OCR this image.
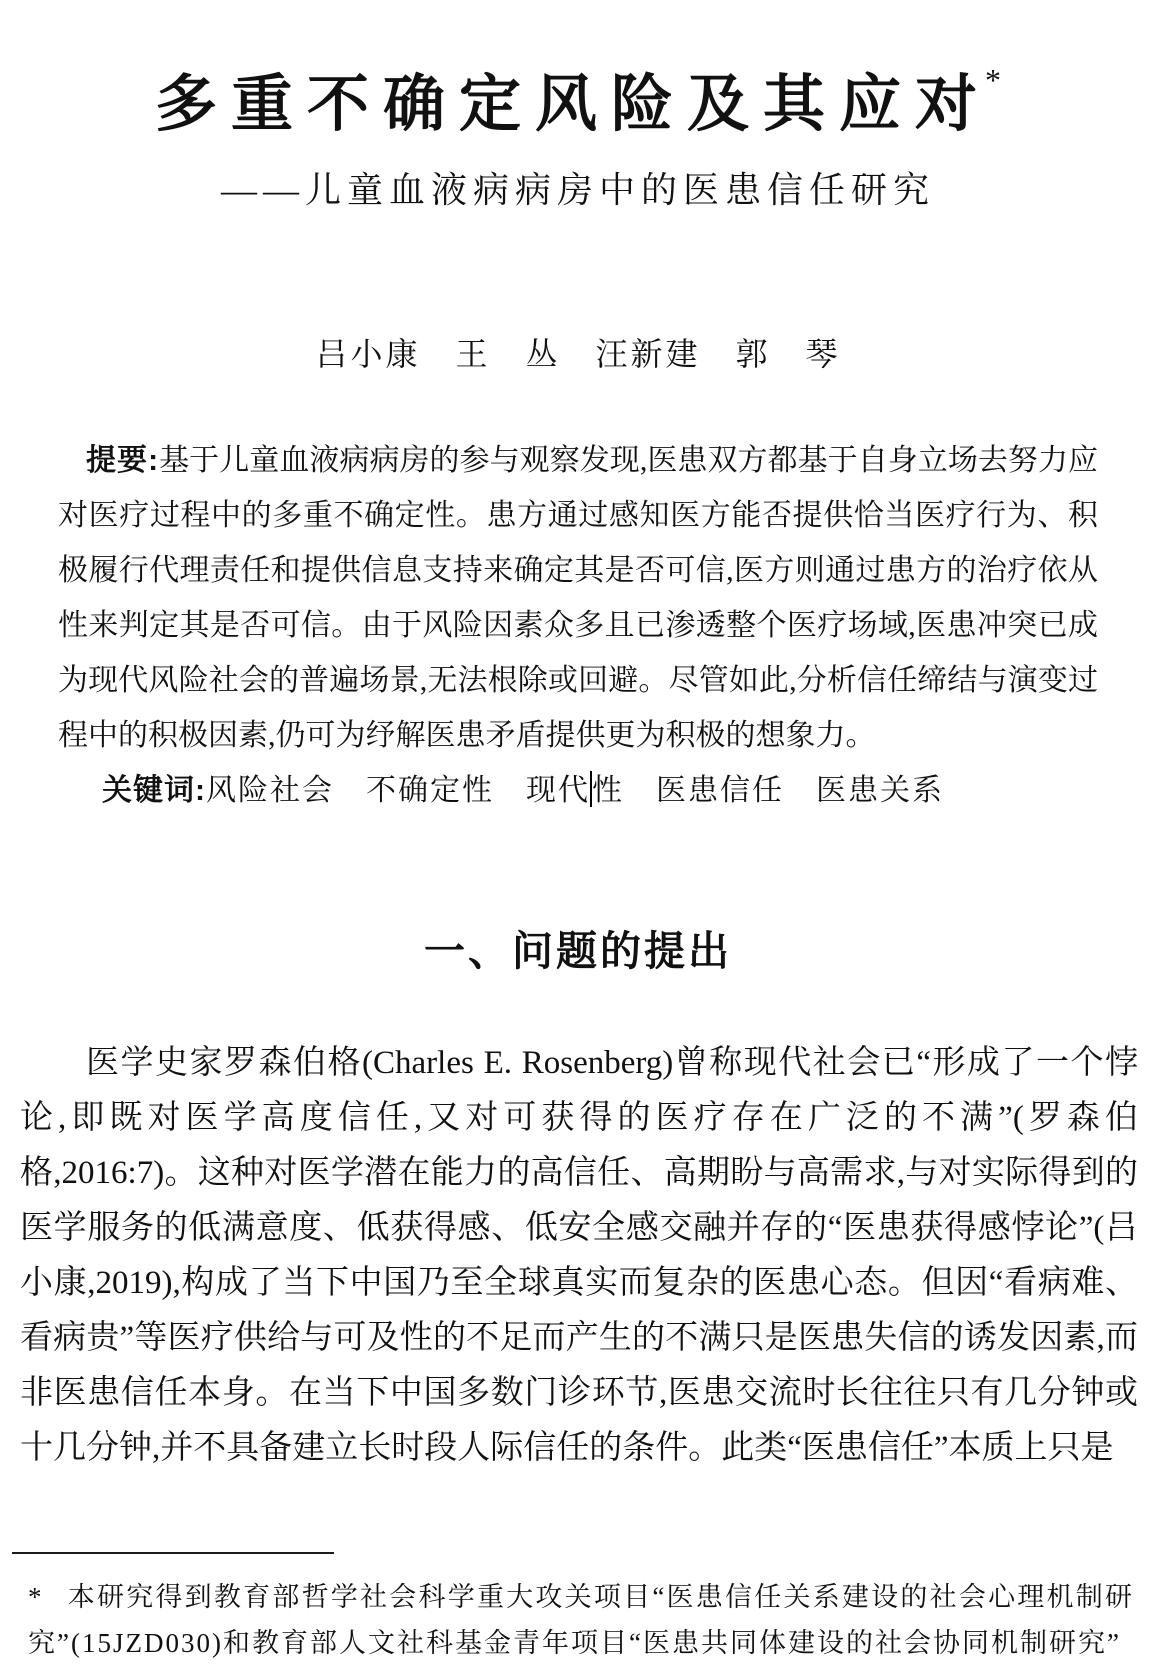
多重不确定风险及其应对*
——儿童血液病病房中的医患信任研究
吕小康　王　丛　汪新建　郭　琴

提要:基于儿童血液病病房的参与观察发现,医患双方都基于自身立场去努力应对医疗过程中的多重不确定性。患方通过感知医方能否提供恰当医疗行为、积极履行代理责任和提供信息支持来确定其是否可信,医方则通过患方的治疗依从性来判定其是否可信。由于风险因素众多且已渗透整个医疗场域,医患冲突已成为现代风险社会的普遍场景,无法根除或回避。尽管如此,分析信任缔结与演变过程中的积极因素,仍可为纾解医患矛盾提供更为积极的想象力。

关键词:风险社会　不确定性　现代性　医患信任　医患关系

一、问题的提出

医学史家罗森伯格(Charles E. Rosenberg)曾称现代社会已“形成了一个悖论,即既对医学高度信任,又对可获得的医疗存在广泛的不满”(罗森伯格,2016:7)。这种对医学潜在能力的高信任、高期盼与高需求,与对实际得到的医学服务的低满意度、低获得感、低安全感交融并存的“医患获得感悖论”(吕小康,2019),构成了当下中国乃至全球真实而复杂的医患心态。但因“看病难、看病贵”等医疗供给与可及性的不足而产生的不满只是医患失信的诱发因素,而非医患信任本身。在当下中国多数门诊环节,医患交流时长往往只有几分钟或十几分钟,并不具备建立长时段人际信任的条件。此类“医患信任”本质上只是

* 本研究得到教育部哲学社会科学重大攻关项目“医患信任关系建设的社会心理机制研究”(15JZD030)和教育部人文社科基金青年项目“医患共同体建设的社会协同机制研究”
